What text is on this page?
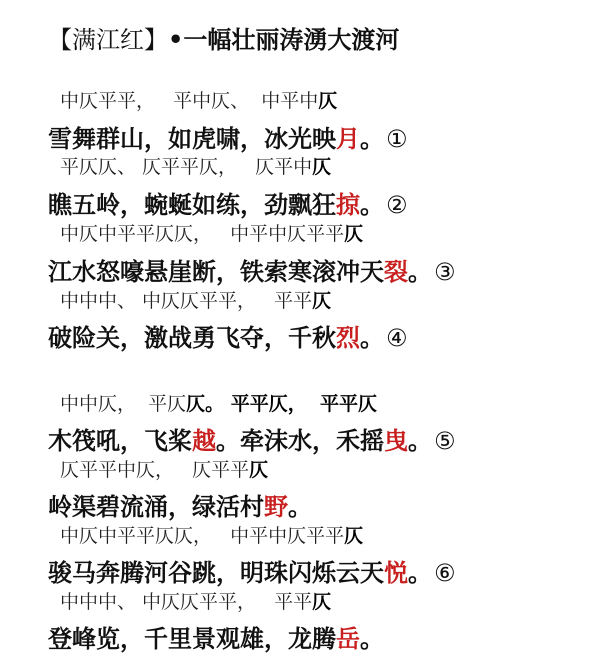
【满江红】•一幅壮丽涛湧大渡河
中仄平平，   平中仄、  中平中仄
雪舞群山，如虎啸，冰光映月。①
平仄仄、 仄平平仄，   仄平中仄
瞧五岭，蜿蜒如练，劲飘狂掠。②
中仄中平平仄仄，   中平中仄平平仄
江水怒嚎悬崖断，铁索寒滚冲天裂。③
中中中、 中仄仄平平，   平平仄
破险关，激战勇飞夺，千秋烈。④
中中仄，  平仄仄。 平平仄，  平平仄
木筏吼，飞桨越。牵沫水，禾摇曳。⑤
仄平平中仄，   仄平平仄
岭渠碧流涌，绿活村野。
中仄中平平仄仄，   中平中仄平平仄
骏马奔腾河谷跳，明珠闪烁云天悦。⑥
中中中、 中仄仄平平，   平平仄
登峰览，千里景观雄，龙腾岳。
